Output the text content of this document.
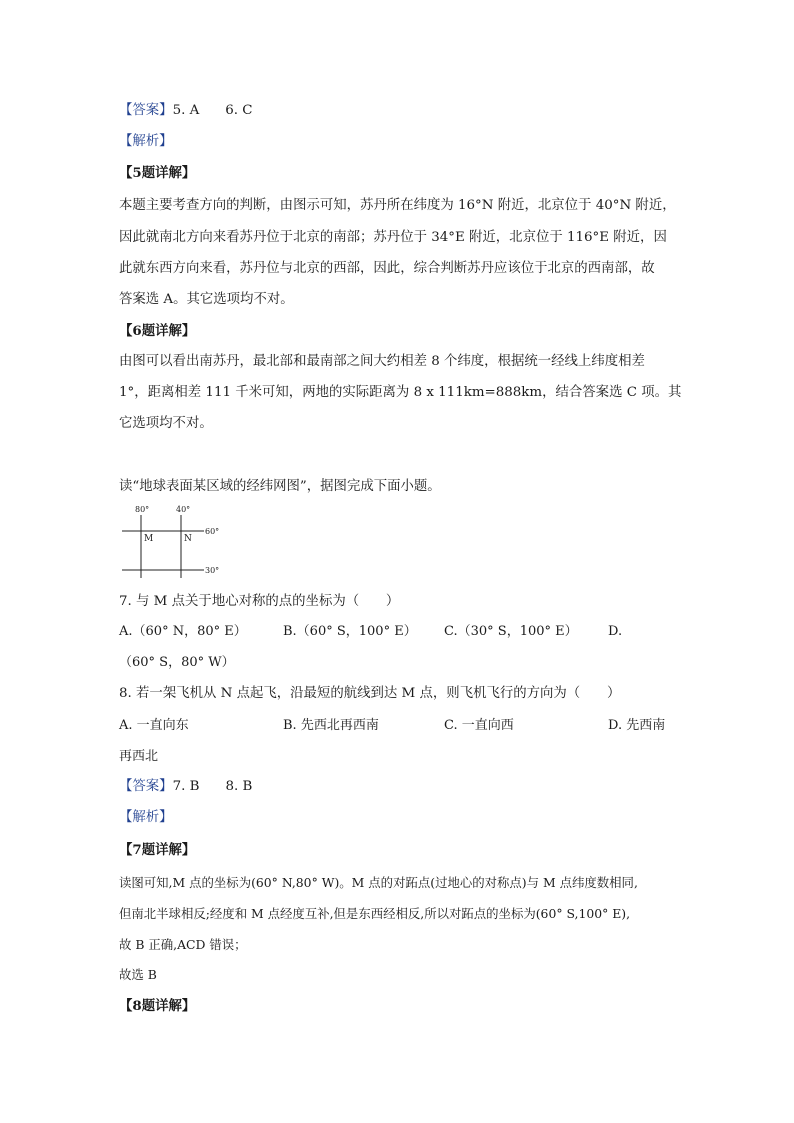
【答案】5. A 6. C
【解析】
【5题详解】
本题主要考查方向的判断，由图示可知，苏丹所在纬度为 16°N 附近，北京位于 40°N 附近，
因此就南北方向来看苏丹位于北京的南部；苏丹位于 34°E 附近，北京位于 116°E 附近，因
此就东西方向来看，苏丹位与北京的西部，因此，综合判断苏丹应该位于北京的西南部，故
答案选 A。其它选项均不对。
【6题详解】
由图可以看出南苏丹，最北部和最南部之间大约相差 8 个纬度，根据统一经线上纬度相差
1°，距离相差 111 千米可知，两地的实际距离为 8 x 111km=888km，结合答案选 C 项。其
它选项均不对。
读“地球表面某区域的经纬网图”，据图完成下面小题。
80°	40°
60°
30°
M	N
7. 与 M 点关于地心对称的点的坐标为（　　）
A.（60° N，80° E）	B.（60° S，100° E） C.（30° S，100° E） D.
（60° S，80° W）
8. 若一架飞机从 N 点起飞，沿最短的航线到达 M 点，则飞机飞行的方向为（　　）
A. 一直向东	B. 先西北再西南	C. 一直向西	D. 先西南
再西北
【答案】7. B 8. B
【解析】
【7题详解】
读图可知,M 点的坐标为(60° N,80° W)。M 点的对跖点(过地心的对称点)与 M 点纬度数相同,
但南北半球相反;经度和 M 点经度互补,但是东西经相反,所以对跖点的坐标为(60° S,100° E),
故 B 正确,ACD 错误；
故选 B
【8题详解】
